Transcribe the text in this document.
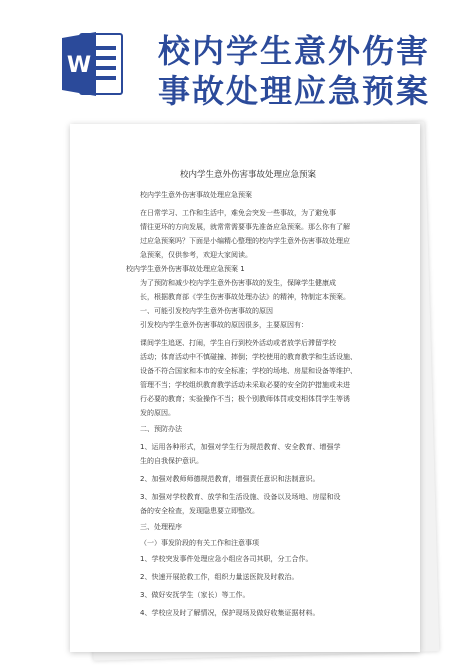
W 校内学生意外伤害
事故处理应急预案
校内学生意外伤害事故处理应急预案
校内学生意外伤害事故处理应急预案
在日常学习、工作和生活中，难免会突发一些事故，为了避免事
情往更坏的方向发展，就常常需要事先准备应急预案。那么你有了解
过应急预案吗？下面是小编精心整理的校内学生意外伤害事故处理应
急预案，仅供参考，欢迎大家阅读。
校内学生意外伤害事故处理应急预案 1
为了预防和减少校内学生意外伤害事故的发生，保障学生健康成
长，根据教育部《学生伤害事故处理办法》的精神，特制定本预案。
一、可能引发校内学生意外伤害事故的原因
引发校内学生意外伤害事故的原因很多，主要原因有：
课间学生追逐、打闹，学生自行到校外活动或者放学后滞留学校
活动；体育活动中不慎碰撞、摔倒；学校使用的教育教学和生活设施、
设备不符合国家和本市的安全标准；学校的场地、房屋和设备等维护、
管理不当；学校组织教育教学活动未采取必要的安全防护措施或未进
行必要的教育；实验操作不当；极个别教师体罚或变相体罚学生等诱
发的原因。
二、预防办法
1、运用各种形式，加强对学生行为规范教育、安全教育、增强学
生的自我保护意识。
2、加强对教师师德规范教育，增强责任意识和法制意识。
3、加强对学校教育、放学和生活设施、设备以及场地、房屋和设
备的安全检查，发现隐患要立即整改。
三、处理程序
（一）事发阶段的有关工作和注意事项
1、学校突发事件处理应急小组应各司其职，分工合作。
2、快速开展抢救工作，组织力量送医院及时救治。
3、做好安抚学生（家长）等工作。
4、学校应及时了解情况，保护现场及做好收集证据材料。
